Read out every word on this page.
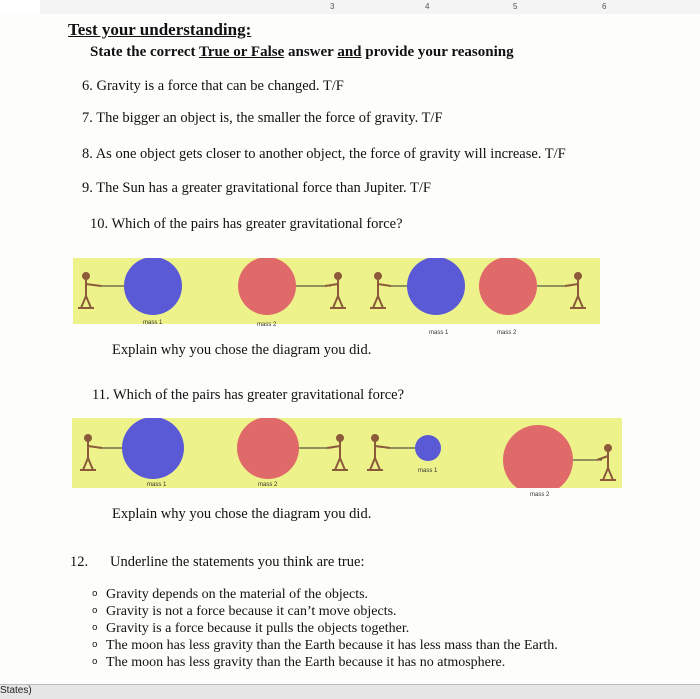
3	4	5	6
Test your understanding:
State the correct True or False answer and provide your reasoning
6. Gravity is a force that can be changed. T/F
7. The bigger an object is, the smaller the force of gravity. T/F
8. As one object gets closer to another object, the force of gravity will increase. T/F
9. The Sun has a greater gravitational force than Jupiter. T/F
10. Which of the pairs has greater gravitational force?
mass 1	mass 2
mass 1	mass 2
Explain why you chose the diagram you did.
11. Which of the pairs has greater gravitational force?
mass 1	mass 2
mass 1
mass 2
Explain why you chose the diagram you did.
12. Underline the statements you think are true:
o Gravity depends on the material of the objects.
o Gravity is not a force because it can’t move objects.
o Gravity is a force because it pulls the objects together.
o The moon has less gravity than the Earth because it has less mass than the Earth.
o The moon has less gravity than the Earth because it has no atmosphere.
States)
